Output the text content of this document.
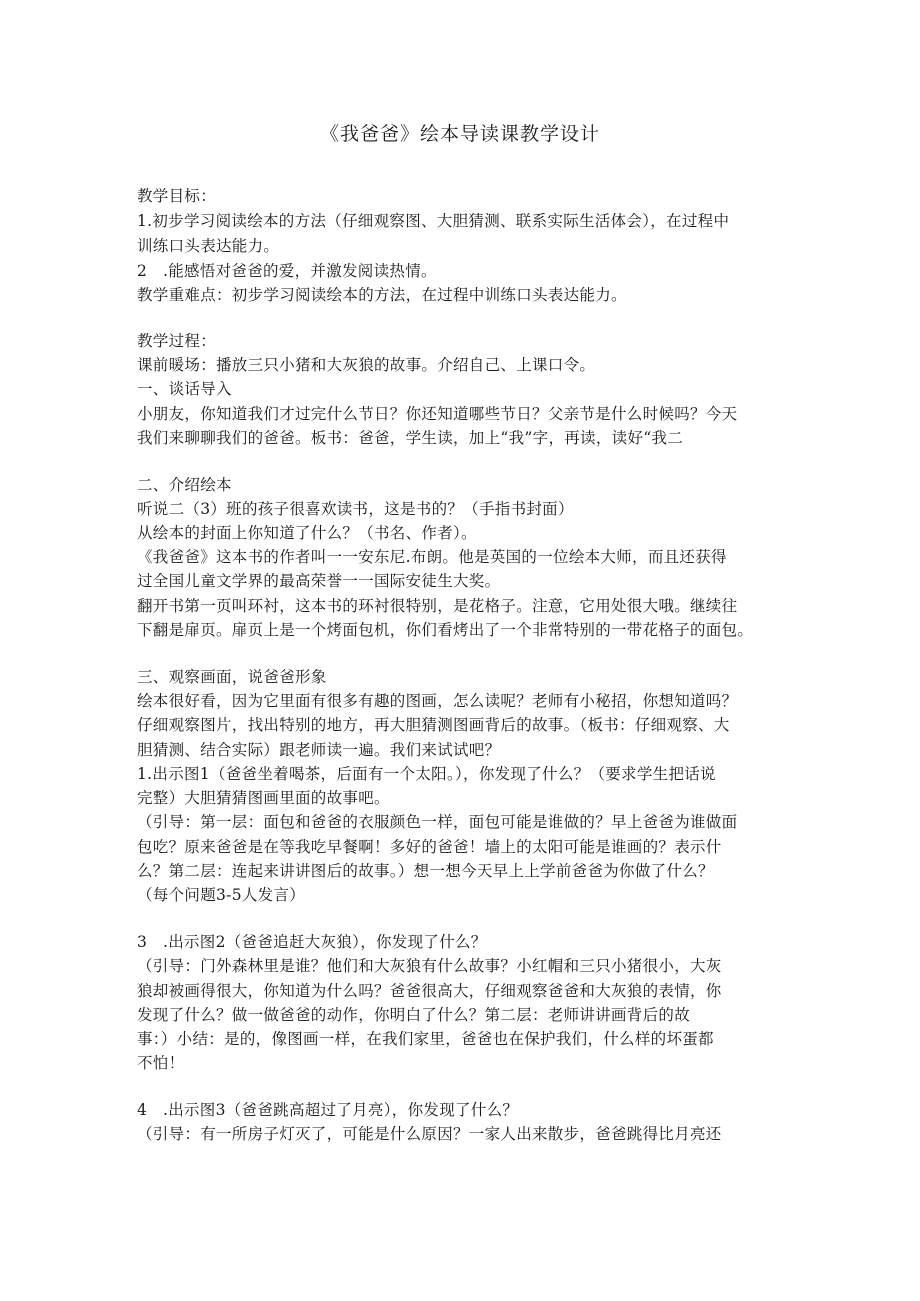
《我爸爸》绘本导读课教学设计
教学目标：
1.初步学习阅读绘本的方法（仔细观察图、大胆猜测、联系实际生活体会），在过程中
训练口头表达能力。
2　.能感悟对爸爸的爱，并激发阅读热情。
教学重难点：初步学习阅读绘本的方法，在过程中训练口头表达能力。
教学过程：
课前暖场：播放三只小猪和大灰狼的故事。介绍自己、上课口令。
一、谈话导入
小朋友，你知道我们才过完什么节日？你还知道哪些节日？父亲节是什么时候吗？今天
我们来聊聊我们的爸爸。板书：爸爸，学生读，加上“我”字，再读，读好“我二
二、介绍绘本
听说二（3）班的孩子很喜欢读书，这是书的？（手指书封面）
从绘本的封面上你知道了什么？（书名、作者）。
《我爸爸》这本书的作者叫一一安东尼.布朗。他是英国的一位绘本大师，而且还获得
过全国儿童文学界的最高荣誉一一国际安徒生大奖。
翻开书第一页叫环衬，这本书的环衬很特别，是花格子。注意，它用处很大哦。继续往
下翻是扉页。扉页上是一个烤面包机，你们看烤出了一个非常特别的一带花格子的面包。
三、观察画面，说爸爸形象
绘本很好看，因为它里面有很多有趣的图画，怎么读呢？老师有小秘招，你想知道吗？
仔细观察图片，找出特别的地方，再大胆猜测图画背后的故事。（板书：仔细观察、大
胆猜测、结合实际）跟老师读一遍。我们来试试吧？
1.出示图1（爸爸坐着喝茶，后面有一个太阳。），你发现了什么？（要求学生把话说
完整）大胆猜猜图画里面的故事吧。
（引导：第一层：面包和爸爸的衣服颜色一样，面包可能是谁做的？早上爸爸为谁做面
包吃？原来爸爸是在等我吃早餐啊！多好的爸爸！墙上的太阳可能是谁画的？表示什
么？第二层：连起来讲讲图后的故事。）想一想今天早上上学前爸爸为你做了什么？
（每个问题3-5人发言）
3　.出示图2（爸爸追赶大灰狼），你发现了什么？
（引导：门外森林里是谁？他们和大灰狼有什么故事？小红帽和三只小猪很小，大灰
狼却被画得很大，你知道为什么吗？爸爸很高大，仔细观察爸爸和大灰狼的表情，你
发现了什么？做一做爸爸的动作，你明白了什么？第二层：老师讲讲画背后的故
事：）小结：是的，像图画一样，在我们家里，爸爸也在保护我们，什么样的坏蛋都
不怕！
4　.出示图3（爸爸跳高超过了月亮），你发现了什么？
（引导：有一所房子灯灭了，可能是什么原因？一家人出来散步，爸爸跳得比月亮还
